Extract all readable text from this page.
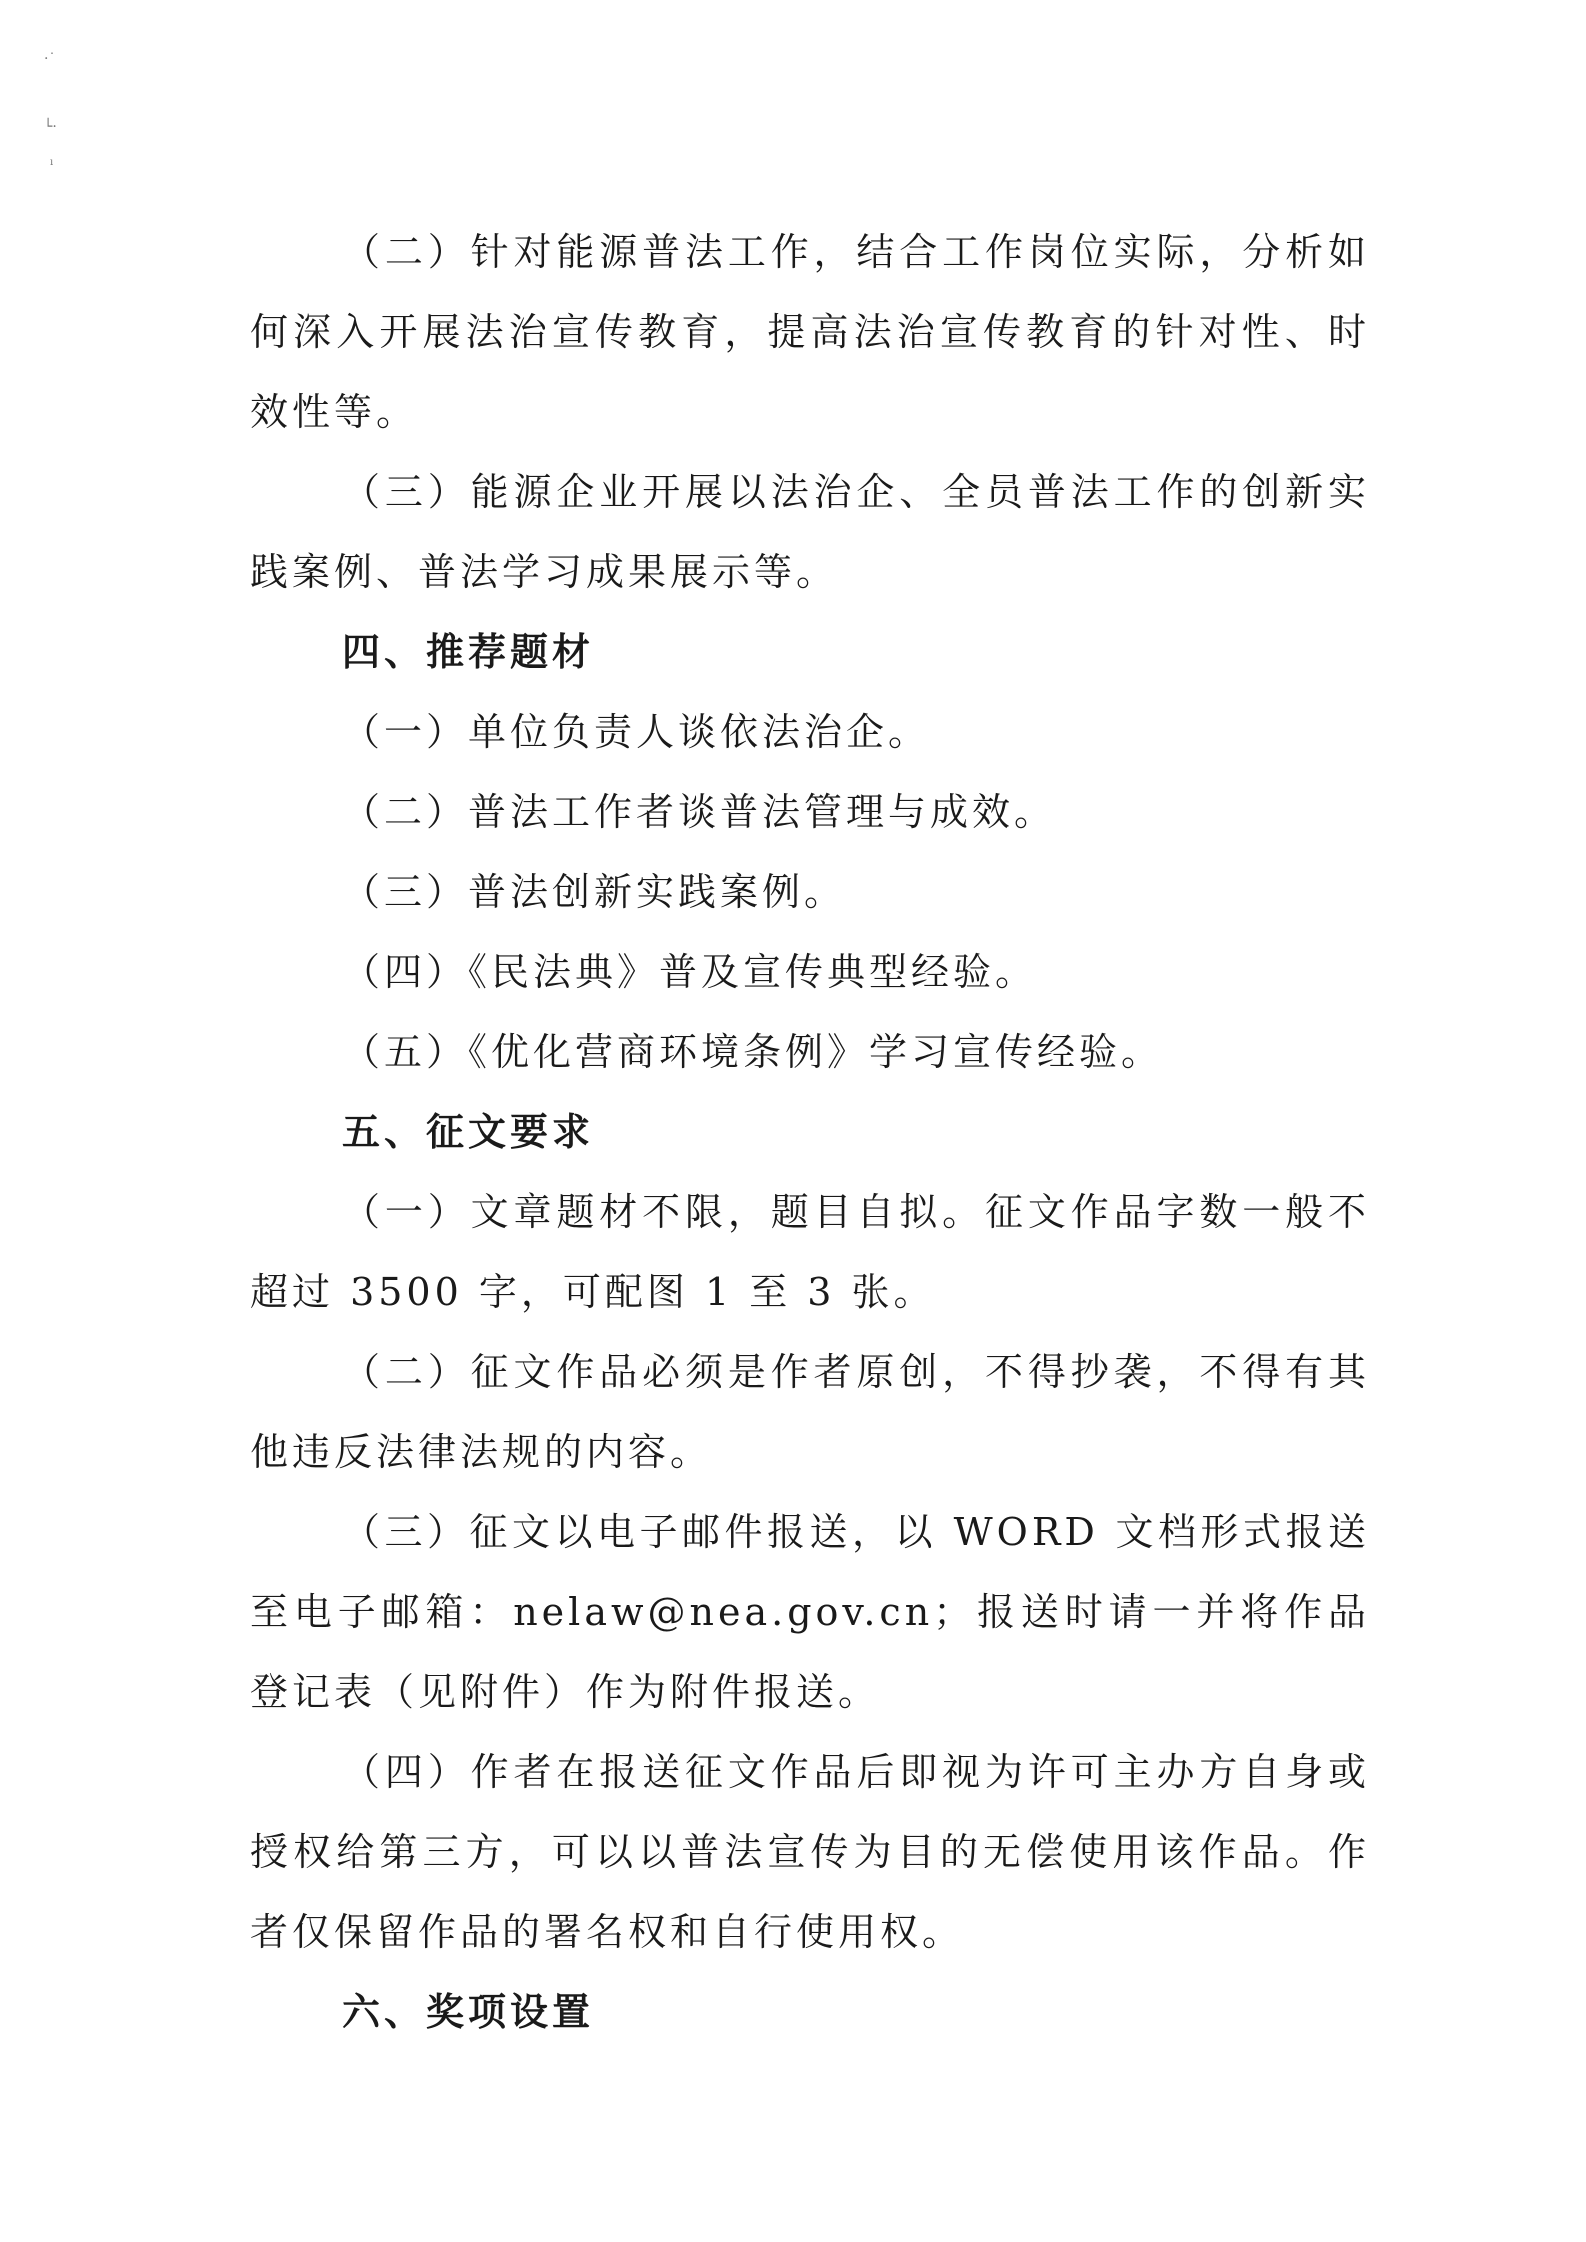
·˙
└·
ı

（二）针对能源普法工作，结合工作岗位实际，分析如何深入开展法治宣传教育，提高法治宣传教育的针对性、时效性等。

（三）能源企业开展以法治企、全员普法工作的创新实践案例、普法学习成果展示等。

四、推荐题材

（一）单位负责人谈依法治企。

（二）普法工作者谈普法管理与成效。

（三）普法创新实践案例。

（四）《民法典》普及宣传典型经验。

（五）《优化营商环境条例》学习宣传经验。

五、征文要求

（一）文章题材不限，题目自拟。征文作品字数一般不超过 3500 字，可配图 1 至 3 张。

（二）征文作品必须是作者原创，不得抄袭，不得有其他违反法律法规的内容。

（三）征文以电子邮件报送，以 WORD 文档形式报送至电子邮箱：nelaw@nea.gov.cn；报送时请一并将作品登记表（见附件）作为附件报送。

（四）作者在报送征文作品后即视为许可主办方自身或授权给第三方，可以以普法宣传为目的无偿使用该作品。作者仅保留作品的署名权和自行使用权。

六、奖项设置
